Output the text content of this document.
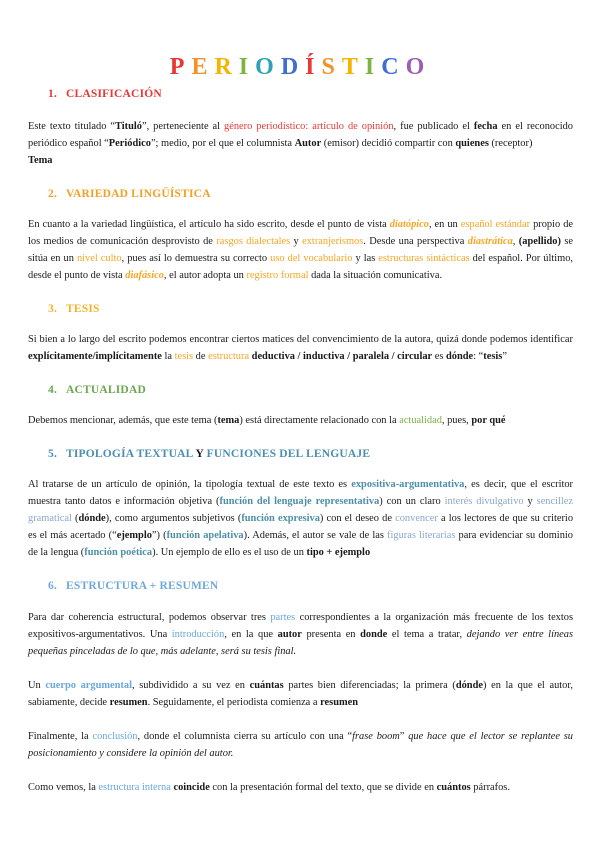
PERIODÍSTICO
1. CLASIFICACIÓN

Este texto titulado “Tituló”, perteneciente al género periodístico: artículo de opinión, fue publicado el fecha en el reconocido periódico español “Periódico”; medio, por el que el columnista Autor (emisor) decidió compartir con quienes (receptor)
Tema

2. VARIEDAD LINGÜÍSTICA

En cuanto a la variedad lingüística, el artículo ha sido escrito, desde el punto de vista diatópico, en un español estándar propio de los medios de comunicación desprovisto de rasgos dialectales y extranjerismos. Desde una perspectiva diastrática, (apellido) se sitúa en un nivel culto, pues así lo demuestra su correcto uso del vocabulario y las estructuras sintácticas del español. Por último, desde el punto de vista diafásico, el autor adopta un registro formal dada la situación comunicativa.

3. TESIS

Si bien a lo largo del escrito podemos encontrar ciertos matices del convencimiento de la autora, quizá donde podemos identificar explícitamente/implícitamente la tesis de estructura deductiva / inductiva / paralela / circular es dónde: “tesis”

4. ACTUALIDAD

Debemos mencionar, además, que este tema (tema) está directamente relacionado con la actualidad, pues, por qué

5. TIPOLOGÍA TEXTUAL Y FUNCIONES DEL LENGUAJE

Al tratarse de un artículo de opinión, la tipología textual de este texto es expositiva-argumentativa, es decir, que el escritor muestra tanto datos e información objetiva (función del lenguaje representativa) con un claro interés divulgativo y sencillez gramatical (dónde), como argumentos subjetivos (función expresiva) con el deseo de convencer a los lectores de que su criterio es el más acertado (“ejemplo”) (función apelativa). Además, el autor se vale de las figuras literarias para evidenciar su dominio de la lengua (función poética). Un ejemplo de ello es el uso de un tipo + ejemplo

6. ESTRUCTURA + RESUMEN

Para dar coherencia estructural, podemos observar tres partes correspondientes a la organización más frecuente de los textos expositivos-argumentativos. Una introducción, en la que autor presenta en donde el tema a tratar, dejando ver entre líneas pequeñas pinceladas de lo que, más adelante, será su tesis final.

Un cuerpo argumental, subdividido a su vez en cuántas partes bien diferenciadas; la primera (dónde) en la que el autor, sabiamente, decide resumen. Seguidamente, el periodista comienza a resumen

Finalmente, la conclusión, donde el columnista cierra su artículo con una “frase boom” que hace que el lector se replantee su posicionamiento y considere la opinión del autor.

Como vemos, la estructura interna coincide con la presentación formal del texto, que se divide en cuántos párrafos.
